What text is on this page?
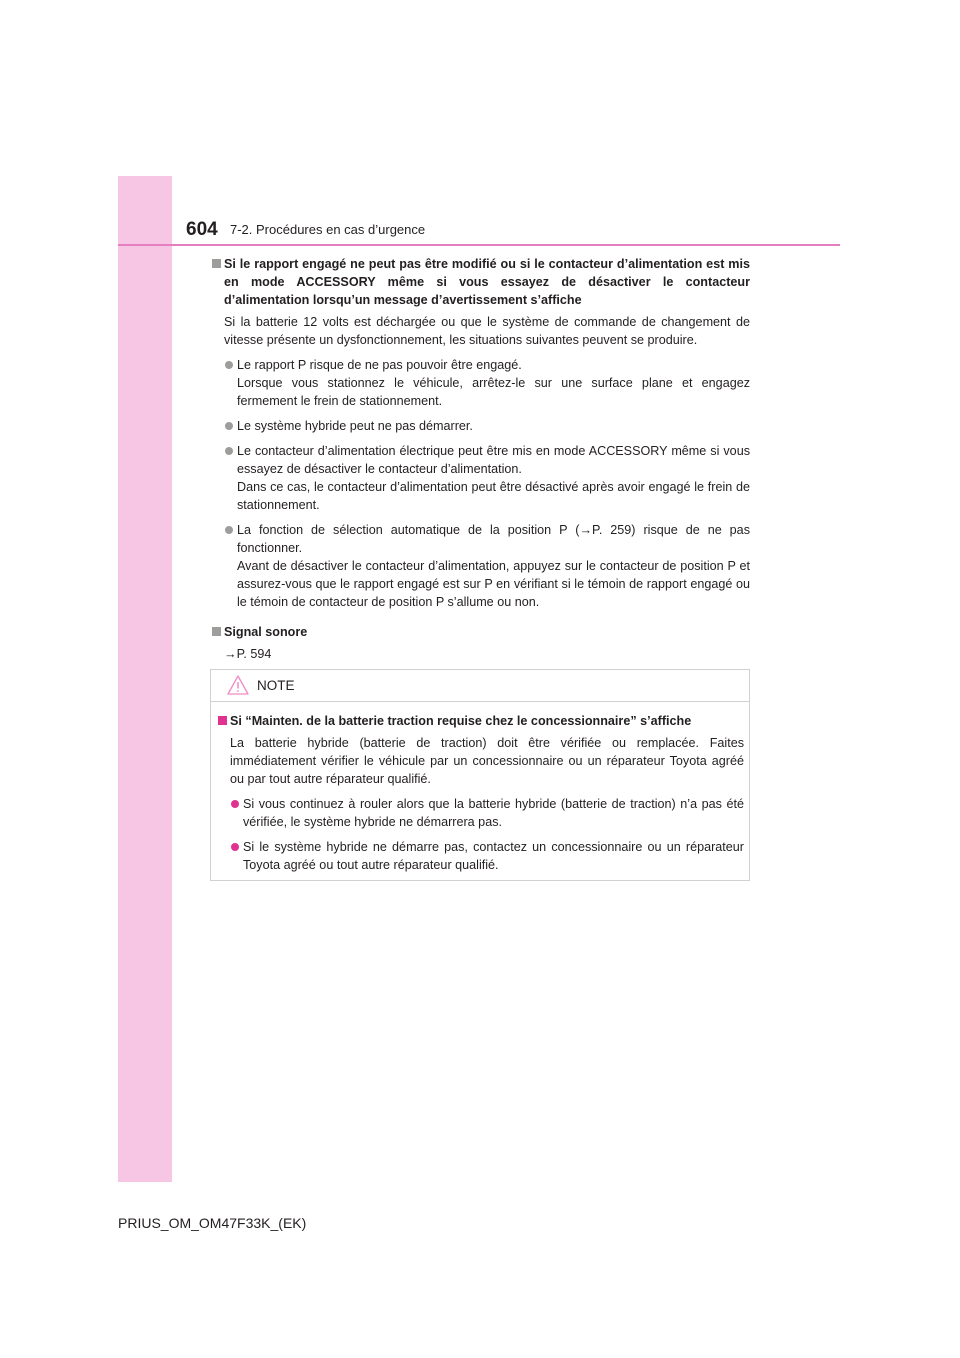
604 7-2. Procédures en cas d’urgence
Si le rapport engagé ne peut pas être modifié ou si le contacteur d’alimentation est mis en mode ACCESSORY même si vous essayez de désactiver le contacteur d’alimentation lorsqu’un message d’avertissement s’affiche
Si la batterie 12 volts est déchargée ou que le système de commande de changement de vitesse présente un dysfonctionnement, les situations suivantes peuvent se produire.
Le rapport P risque de ne pas pouvoir être engagé.
Lorsque vous stationnez le véhicule, arrêtez-le sur une surface plane et engagez fermement le frein de stationnement.
Le système hybride peut ne pas démarrer.
Le contacteur d’alimentation électrique peut être mis en mode ACCESSORY même si vous essayez de désactiver le contacteur d’alimentation.
Dans ce cas, le contacteur d’alimentation peut être désactivé après avoir engagé le frein de stationnement.
La fonction de sélection automatique de la position P (→P. 259) risque de ne pas fonctionner.
Avant de désactiver le contacteur d’alimentation, appuyez sur le contacteur de position P et assurez-vous que le rapport engagé est sur P en vérifiant si le témoin de rapport engagé ou le témoin de contacteur de position P s’allume ou non.
Signal sonore
→P. 594
NOTE
Si “Mainten. de la batterie traction requise chez le concessionnaire” s’affiche
La batterie hybride (batterie de traction) doit être vérifiée ou remplacée. Faites immédiatement vérifier le véhicule par un concessionnaire ou un réparateur Toyota agréé ou par tout autre réparateur qualifié.
Si vous continuez à rouler alors que la batterie hybride (batterie de traction) n’a pas été vérifiée, le système hybride ne démarrera pas.
Si le système hybride ne démarre pas, contactez un concessionnaire ou un réparateur Toyota agréé ou tout autre réparateur qualifié.
PRIUS_OM_OM47F33K_(EK)
